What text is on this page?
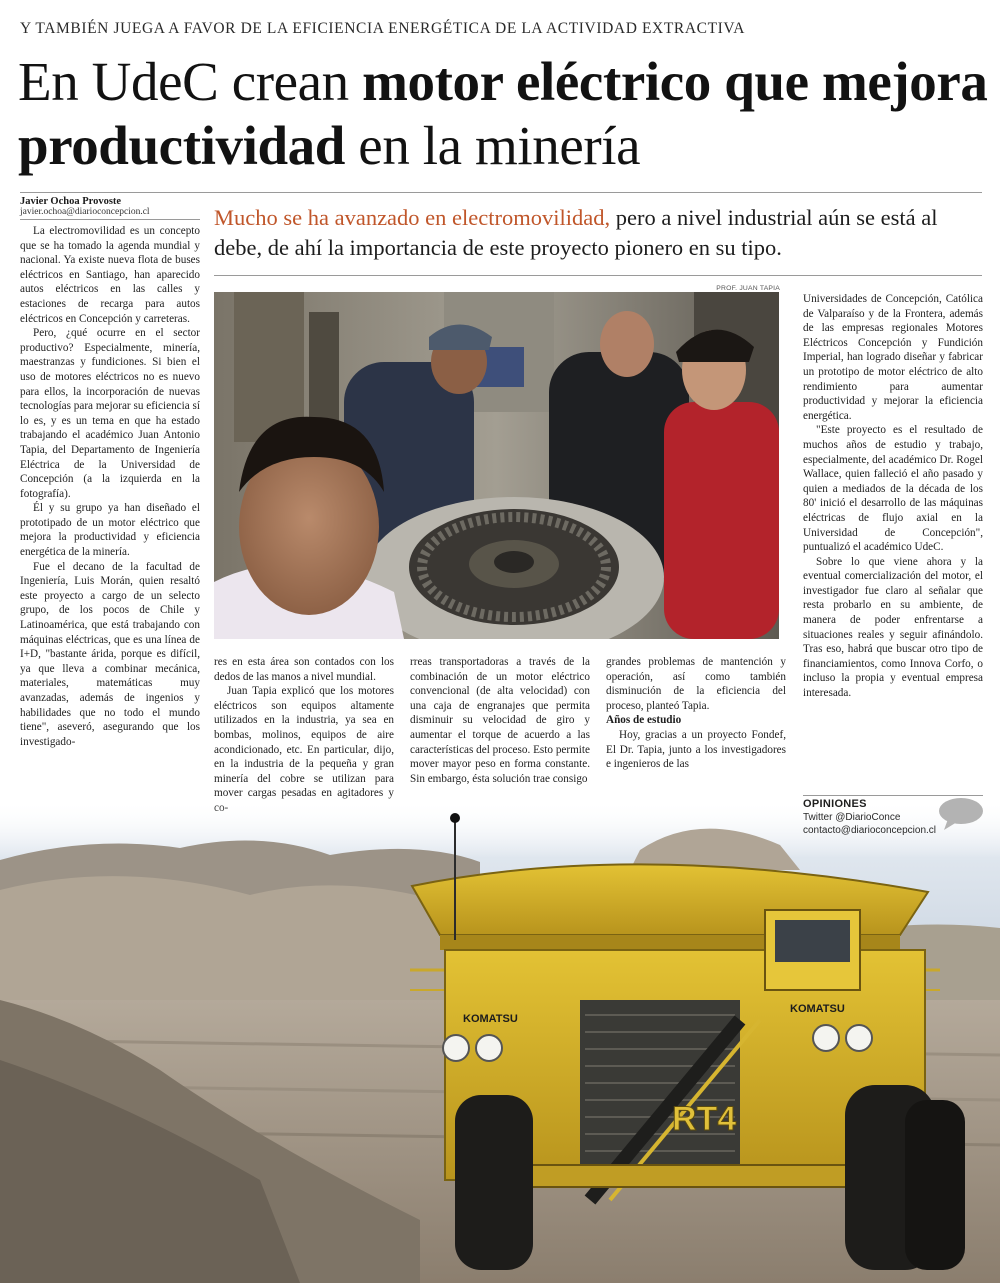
Y TAMBIÉN JUEGA A FAVOR DE LA EFICIENCIA ENERGÉTICA DE LA ACTIVIDAD EXTRACTIVA
En UdeC crean motor eléctrico que mejora productividad en la minería
Javier Ochoa Provoste
javier.ochoa@diarioconcepcion.cl	Mucho se ha avanzado en electromovilidad, pero a nivel industrial aún se está al debe, de ahí la importancia de este proyecto pionero en su tipo.
PROF. JUAN TAPIA

La electromovilidad es un concepto que se ha tomado la agenda mundial y nacional. Ya existe nueva flota de buses eléctricos en Santiago, han aparecido autos eléctricos en las calles y estaciones de recarga para autos eléctricos en Concepción y carreteras.

Pero, ¿qué ocurre en el sector productivo? Especialmente, minería, maestranzas y fundiciones. Si bien el uso de motores eléctricos no es nuevo para ellos, la incorporación de nuevas tecnologías para mejorar su eficiencia sí lo es, y es un tema en que ha estado trabajando el académico Juan Antonio Tapia, del Departamento de Ingeniería Eléctrica de la Universidad de Concepción (a la izquierda en la fotografía).

Él y su grupo ya han diseñado el prototipado de un motor eléctrico que mejora la productividad y eficiencia energética de la minería.

Fue el decano de la facultad de Ingeniería, Luis Morán, quien resaltó este proyecto a cargo de un selecto grupo, de los pocos de Chile y Latinoamérica, que está trabajando con máquinas eléctricas, que es una línea de I+D, "bastante árida, porque es difícil, ya que lleva a combinar mecánica, materiales, matemáticas muy avanzadas, además de ingenios y habilidades que no todo el mundo tiene", aseveró, asegurando que los investigado-

res en esta área son contados con los dedos de las manos a nivel mundial.

Juan Tapia explicó que los motores eléctricos son equipos altamente utilizados en la industria, ya sea en bombas, molinos, equipos de aire acondicionado, etc. En particular, dijo, en la industria de la pequeña y gran minería del cobre se utilizan para mover cargas pesadas en agitadores y

rreas transportadoras a través de la combinación de un motor eléctrico convencional (de alta velocidad) con una caja de engranajes que permita disminuir su velocidad de giro y aumentar el torque de acuerdo a las características del proceso. Esto permite mover mayor peso en forma constante. Sin embargo, ésta solución trae consigo

grandes problemas de mantención y operación, así como también disminución de la eficiencia del proceso, planteó Tapia.

Años de estudio

Hoy, gracias a un proyecto Fondef, El Dr. Tapia, junto a los investigadores e ingenieros de las

Universidades de Concepción, Católica de Valparaíso y de la Frontera, además de las empresas regionales Motores Eléctricos Concepción y Fundición Imperial, han logrado diseñar y fabricar un prototipo de motor eléctrico de alto rendimiento para aumentar productividad y mejorar la eficiencia energética.

"Este proyecto es el resultado de muchos años de estudio y trabajo, especialmente, del académico Dr. Rogel Wallace, quien falleció el año pasado y quien a mediados de la década de los 80' inició el desarrollo de las máquinas eléctricas de flujo axial en la Universidad de Concepción", puntualizó el académico UdeC.

Sobre lo que viene ahora y la eventual comercialización del motor, el investigador fue claro al señalar que resta probarlo en su ambiente, de manera de poder enfrentarse a situaciones reales y seguir afinándolo. Tras eso, habrá que buscar otro tipo de financiamientos, como Innova Corfo, o incluso la propia y eventual empresa interesada.

KOMATSU
KOMATSU
RT4
OPINIONES
Twitter @DiarioConce
contacto@diarioconcepcion.cl
